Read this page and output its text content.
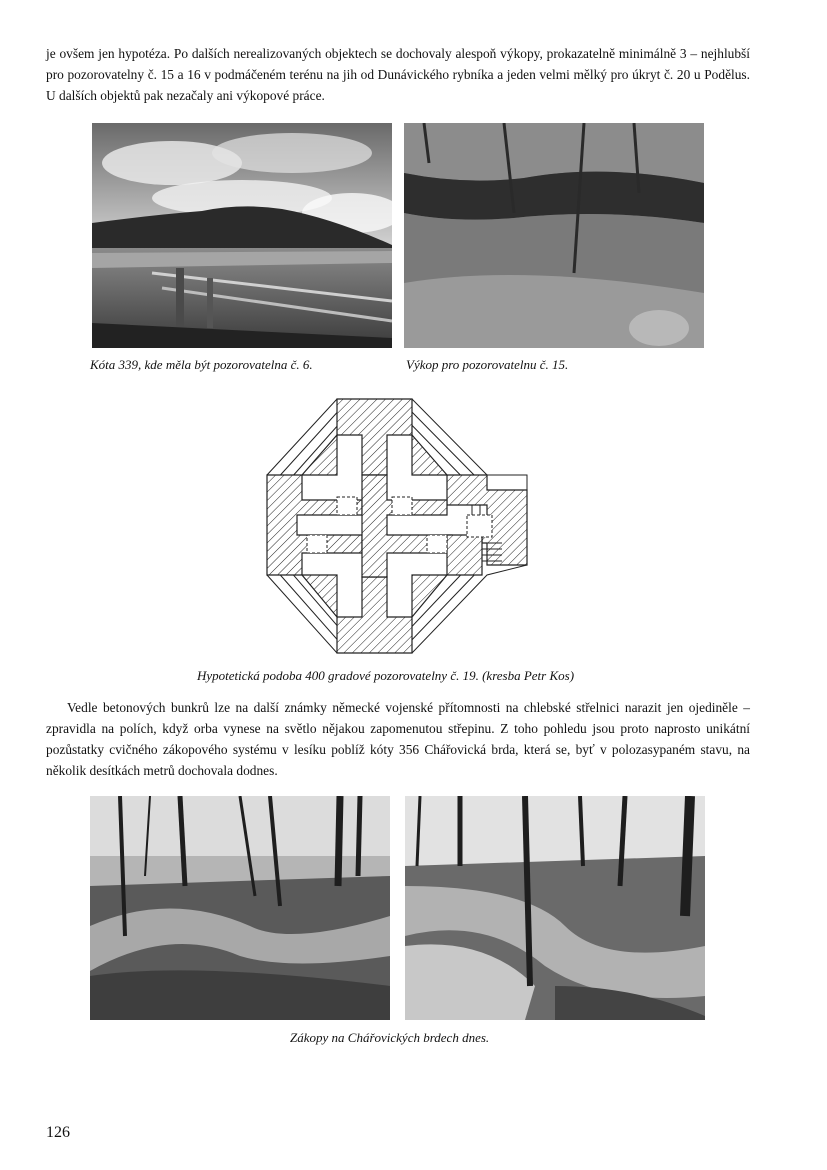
je ovšem jen hypotéza. Po dalších nerealizovaných objektech se dochovaly alespoň výkopy, prokazatelně minimálně 3 – nejhlubší pro pozorovatelny č. 15 a 16 v podmáčeném terénu na jih od Dunávického rybníka a jeden velmi mělký pro úkryt č. 20 u Podělus. U dalších objektů pak nezačaly ani výkopové práce.

Kóta 339, kde měla být pozorovatelna č. 6.	Výkop pro pozorovatelnu č. 15.

Hypotetická podoba 400 gradové pozorovatelny č. 19. (kresba Petr Kos)

Vedle betonových bunkrů lze na další známky německé vojenské přítomnosti na chlebské střelnici narazit jen ojediněle – zpravidla na polích, když orba vynese na světlo nějakou zapomenutou střepinu. Z toho pohledu jsou proto naprosto unikátní pozůstatky cvičného zákopového systému v lesíku poblíž kóty 356 Chářovická brda, která se, byť v polozasypaném stavu, na několik desítkách metrů dochovala dodnes.

Zákopy na Chářovických brdech dnes.

126
